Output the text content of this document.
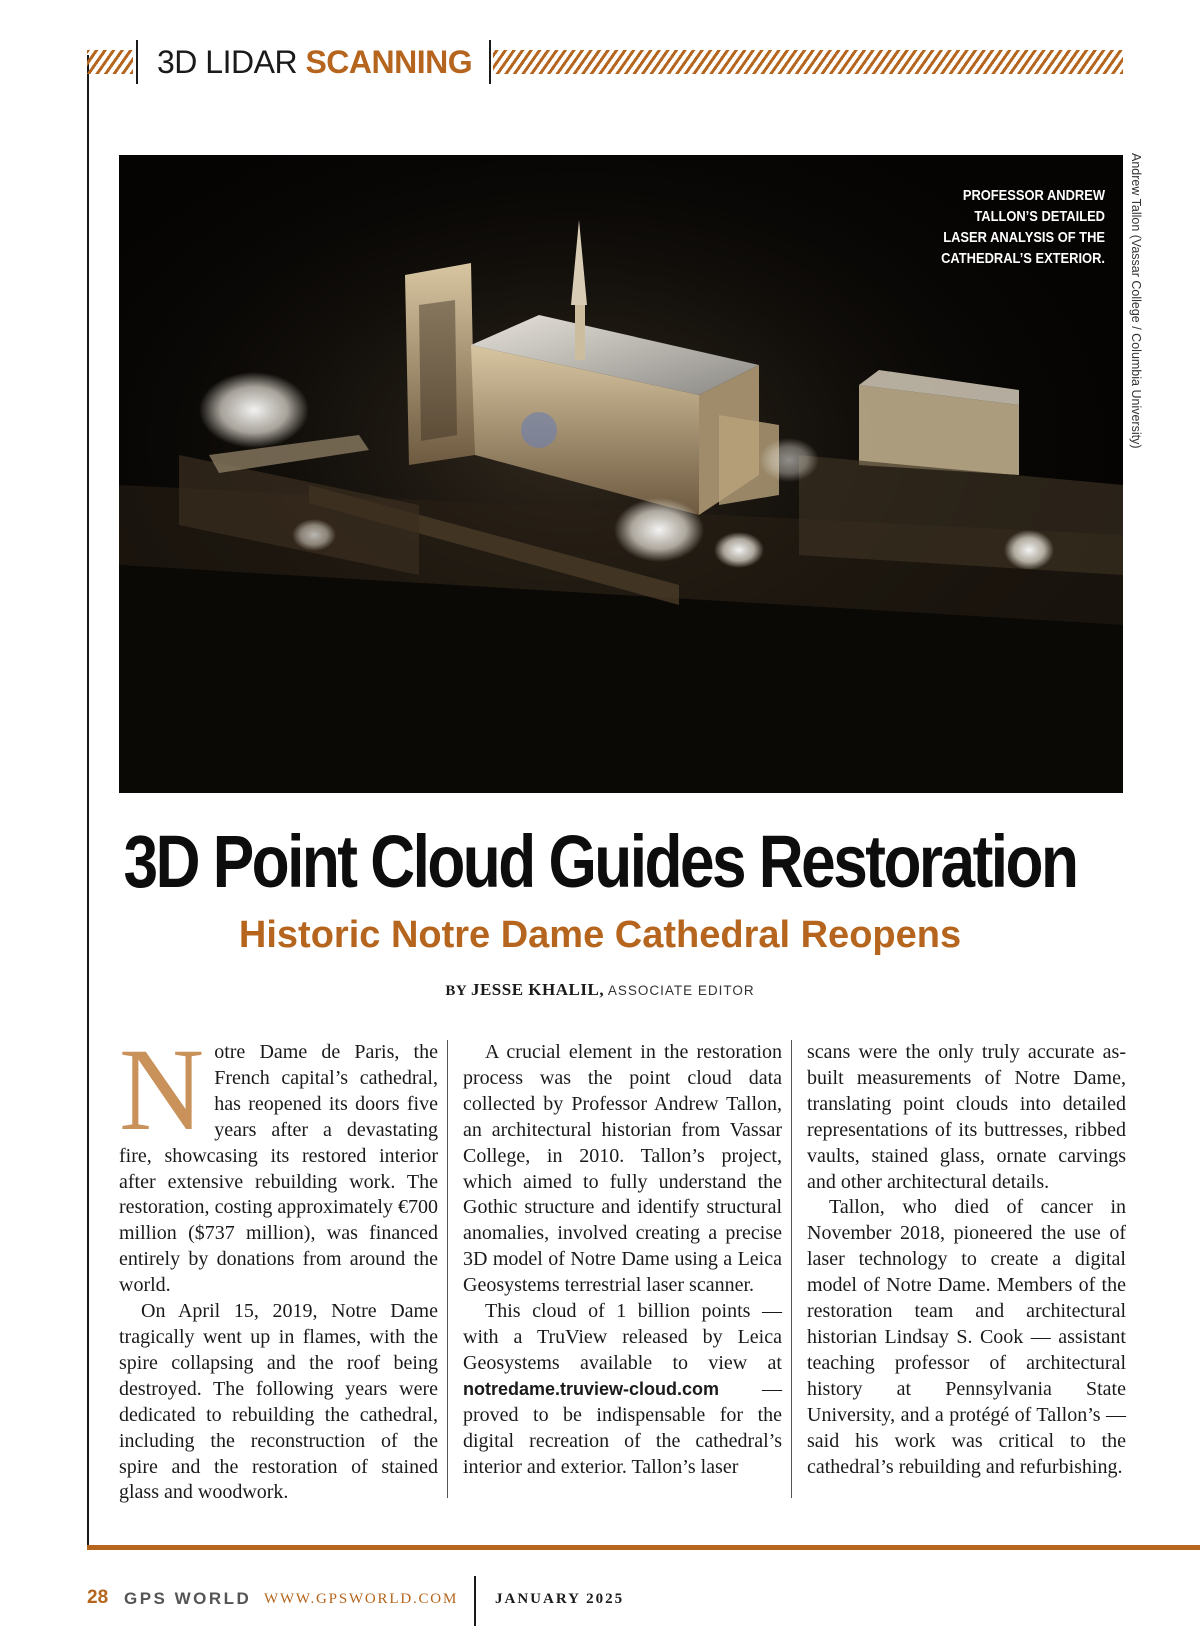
3D LIDAR SCANNING
PROFESSOR ANDREW TALLON’S DETAILED LASER ANALYSIS OF THE CATHEDRAL’S EXTERIOR. Andrew Tallon (Vassar College / Columbia University)
3D Point Cloud Guides Restoration
Historic Notre Dame Cathedral Reopens
BY JESSE KHALIL, ASSOCIATE EDITOR

Notre Dame de Paris, the French capital’s cathedral, has reopened its doors five years after a devastating fire, showcasing its restored interior after extensive rebuilding work. The restoration, costing approximately €700 million ($737 million), was financed entirely by donations from around the world.

On April 15, 2019, Notre Dame tragically went up in flames, with the spire collapsing and the roof being destroyed. The following years were dedicated to rebuilding the cathedral, including the reconstruction of the spire and the restoration of stained glass and woodwork.

A crucial element in the restoration process was the point cloud data collected by Professor Andrew Tallon, an architectural historian from Vassar College, in 2010. Tallon’s project, which aimed to fully understand the Gothic structure and identify structural anomalies, involved creating a precise 3D model of Notre Dame using a Leica Geosystems terrestrial laser scanner.

This cloud of 1 billion points — with a TruView released by Leica Geosystems available to view at notredame.truview-cloud.com — proved to be indispensable for the digital recreation of the cathedral’s interior and exterior. Tallon’s laser

scans were the only truly accurate as-built measurements of Notre Dame, translating point clouds into detailed representations of its buttresses, ribbed vaults, stained glass, ornate carvings and other architectural details.

Tallon, who died of cancer in November 2018, pioneered the use of laser technology to create a digital model of Notre Dame. Members of the restoration team and architectural historian Lindsay S. Cook — assistant teaching professor of architectural history at Pennsylvania State University, and a protégé of Tallon’s — said his work was critical to the cathedral’s rebuilding and refurbishing.

28 GPS WORLD WWW.GPSWORLD.COM JANUARY 2025
